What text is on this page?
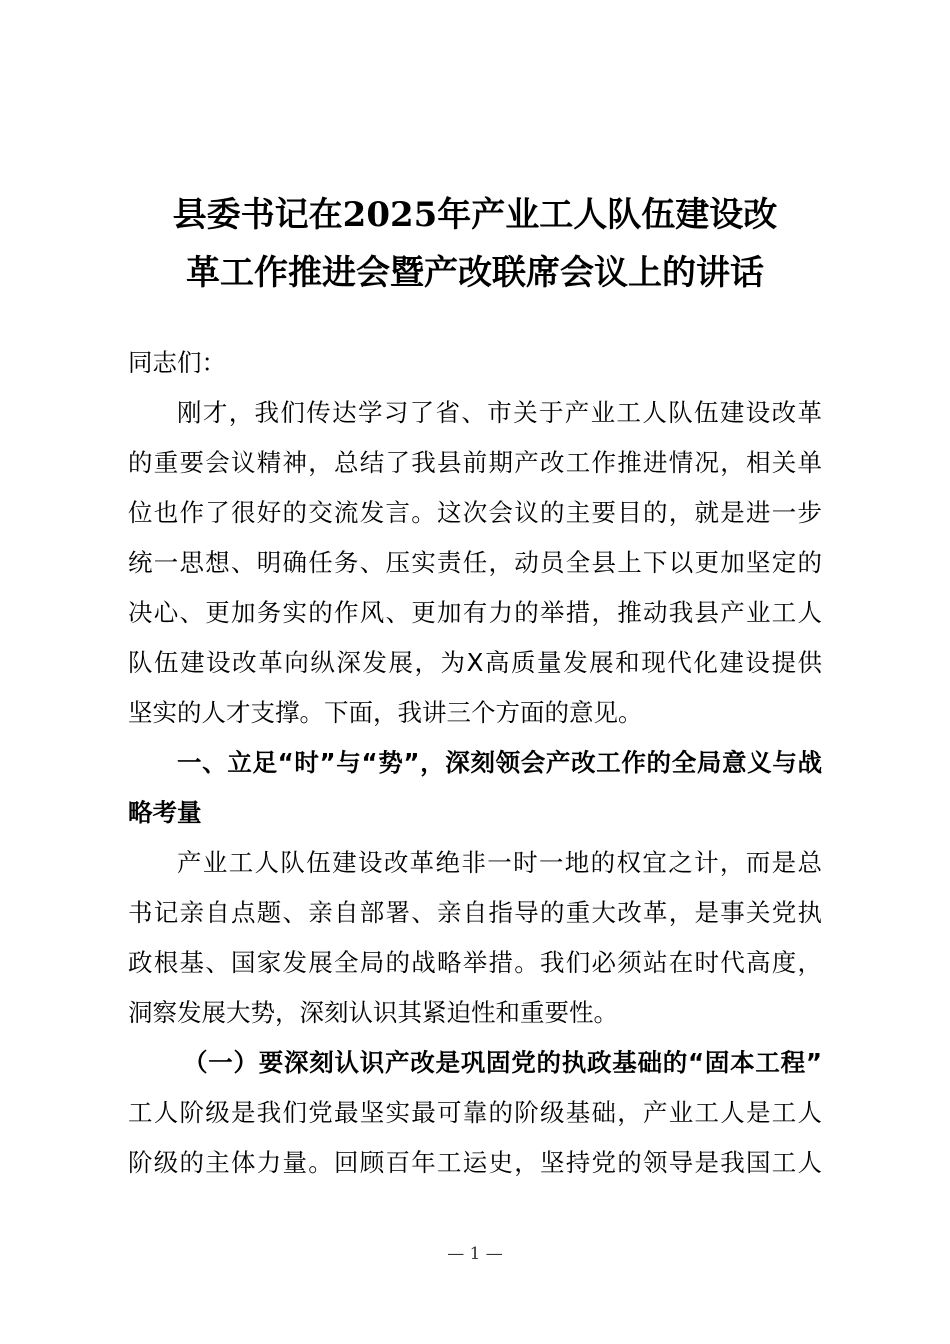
县委书记在2025年产业工人队伍建设改
革工作推进会暨产改联席会议上的讲话
同志们：
刚才，我们传达学习了省、市关于产业工人队伍建设改革
的重要会议精神，总结了我县前期产改工作推进情况，相关单
位也作了很好的交流发言。这次会议的主要目的，就是进一步
统一思想、明确任务、压实责任，动员全县上下以更加坚定的
决心、更加务实的作风、更加有力的举措，推动我县产业工人
队伍建设改革向纵深发展，为X高质量发展和现代化建设提供
坚实的人才支撑。下面，我讲三个方面的意见。
一、立足“时”与“势”，深刻领会产改工作的全局意义与战
略考量
产业工人队伍建设改革绝非一时一地的权宜之计，而是总
书记亲自点题、亲自部署、亲自指导的重大改革，是事关党执
政根基、国家发展全局的战略举措。我们必须站在时代高度，
洞察发展大势，深刻认识其紧迫性和重要性。
（一）要深刻认识产改是巩固党的执政基础的“固本工程”
工人阶级是我们党最坚实最可靠的阶级基础，产业工人是工人
阶级的主体力量。回顾百年工运史，坚持党的领导是我国工人
— 1 —
